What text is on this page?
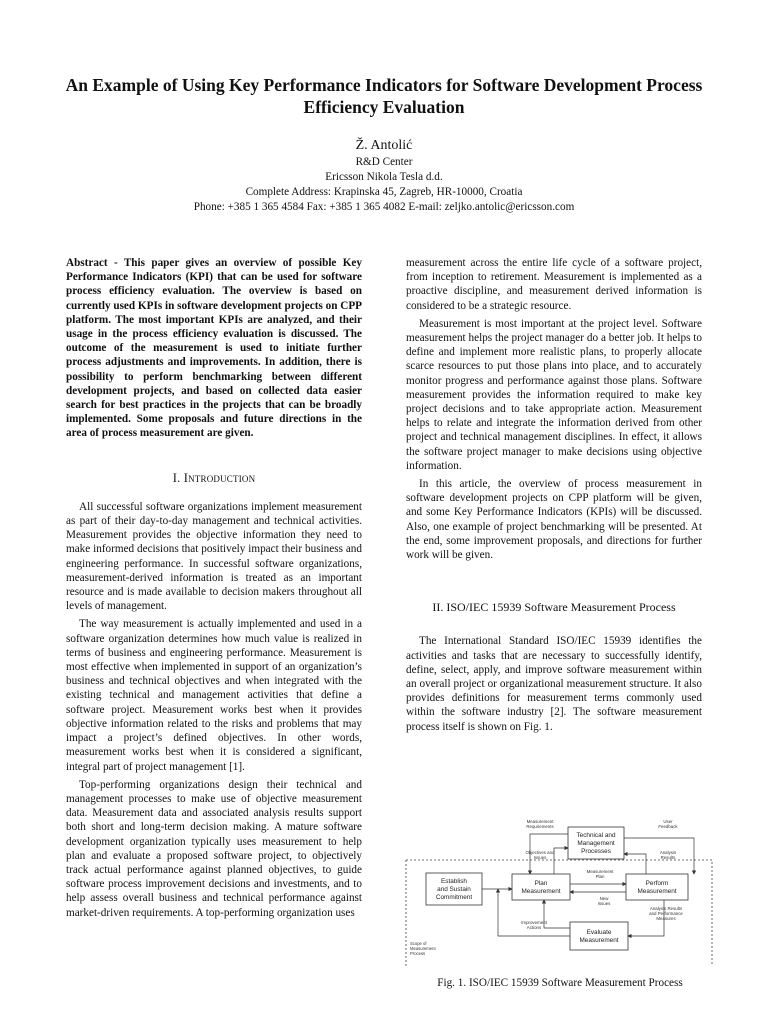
An Example of Using Key Performance Indicators for Software Development Process Efficiency Evaluation
Ž. Antolić
R&D Center
Ericsson Nikola Tesla d.d.
Complete Address: Krapinska 45, Zagreb, HR-10000, Croatia
Phone: +385 1 365 4584 Fax: +385 1 365 4082 E-mail: zeljko.antolic@ericsson.com

Abstract - This paper gives an overview of possible Key Performance Indicators (KPI) that can be used for software process efficiency evaluation. The overview is based on currently used KPIs in software development projects on CPP platform. The most important KPIs are analyzed, and their usage in the process efficiency evaluation is discussed. The outcome of the measurement is used to initiate further process adjustments and improvements. In addition, there is possibility to perform benchmarking between different development projects, and based on collected data easier search for best practices in the projects that can be broadly implemented. Some proposals and future directions in the area of process measurement are given.

I. Introduction

All successful software organizations implement measurement as part of their day-to-day management and technical activities. Measurement provides the objective information they need to make informed decisions that positively impact their business and engineering performance. In successful software organizations, measurement-derived information is treated as an important resource and is made available to decision makers throughout all levels of management.

The way measurement is actually implemented and used in a software organization determines how much value is realized in terms of business and engineering performance. Measurement is most effective when implemented in support of an organization’s business and technical objectives and when integrated with the existing technical and management activities that define a software project. Measurement works best when it provides objective information related to the risks and problems that may impact a project’s defined objectives. In other words, measurement works best when it is considered a significant, integral part of project management [1].

Top-performing organizations design their technical and management processes to make use of objective measurement data. Measurement data and associated analysis results support both short and long-term decision making. A mature software development organization typically uses measurement to help plan and evaluate a proposed software project, to objectively track actual performance against planned objectives, to guide software process improvement decisions and investments, and to help assess overall business and technical performance against market-driven requirements. A top-performing organization uses

measurement across the entire life cycle of a software project, from inception to retirement. Measurement is implemented as a proactive discipline, and measurement derived information is considered to be a strategic resource.

Measurement is most important at the project level. Software measurement helps the project manager do a better job. It helps to define and implement more realistic plans, to properly allocate scarce resources to put those plans into place, and to accurately monitor progress and performance against those plans. Software measurement provides the information required to make key project decisions and to take appropriate action. Measurement helps to relate and integrate the information derived from other project and technical management disciplines. In effect, it allows the software project manager to make decisions using objective information.

In this article, the overview of process measurement in software development projects on CPP platform will be given, and some Key Performance Indicators (KPIs) will be discussed. Also, one example of project benchmarking will be presented. At the end, some improvement proposals, and directions for further work will be given.

II. ISO/IEC 15939 Software Measurement Process

The International Standard ISO/IEC 15939 identifies the activities and tasks that are necessary to successfully identify, define, select, apply, and improve software measurement within an overall project or organizational measurement structure. It also provides definitions for measurement terms commonly used within the software industry [2]. The software measurement process itself is shown on Fig. 1.

Technical and
Management
Processes
Establish
and Sustain
Commitment
Plan
Measurement
Perform
Measurement
Evaluate
Measurement
Measurement
Requirements
User
Feedback
Objectives and
Issues
Analysis
Results
Measurement
Plan
New
Issues
Improvement
Actions
Analysis Results
and Performance
Measures
Scope of
Measurement
Process
Fig. 1. ISO/IEC 15939 Software Measurement Process
